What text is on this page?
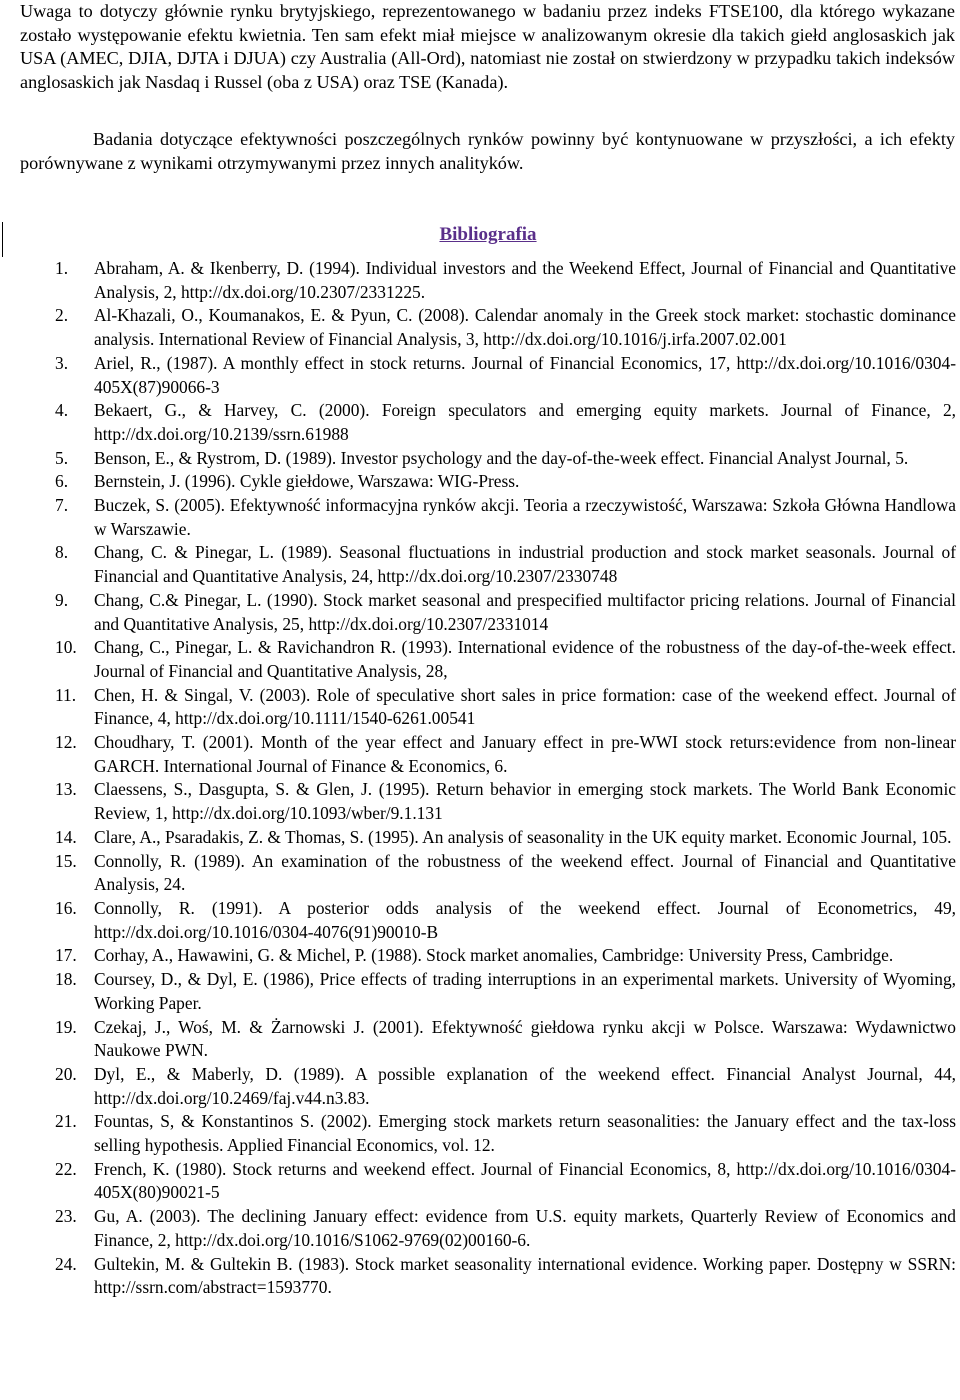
Uwaga to dotyczy głównie rynku brytyjskiego, reprezentowanego w badaniu przez indeks FTSE100, dla którego wykazane zostało występowanie efektu kwietnia. Ten sam efekt miał miejsce w analizowanym okresie dla takich giełd anglosaskich jak USA (AMEC, DJIA, DJTA i DJUA) czy Australia (All-Ord), natomiast nie został on stwierdzony w przypadku takich indeksów anglosaskich jak Nasdaq i Russel (oba z USA) oraz TSE (Kanada).

Badania dotyczące efektywności poszczególnych rynków powinny być kontynuowane w przyszłości, a ich efekty porównywane z wynikami otrzymywanymi przez innych analityków.

Bibliografia
1.	Abraham, A. & Ikenberry, D. (1994). Individual investors and the Weekend Effect, Journal of Financial and Quantitative Analysis, 2, http://dx.doi.org/10.2307/2331225.
2.	Al-Khazali, O., Koumanakos, E. & Pyun, C. (2008). Calendar anomaly in the Greek stock market: stochastic dominance analysis. International Review of Financial Analysis, 3, http://dx.doi.org/10.1016/j.irfa.2007.02.001
3.	Ariel, R., (1987). A monthly effect in stock returns. Journal of Financial Economics, 17, http://dx.doi.org/10.1016/0304-405X(87)90066-3
4.	Bekaert, G., & Harvey, C. (2000). Foreign speculators and emerging equity markets. Journal of Finance, 2, http://dx.doi.org/10.2139/ssrn.61988
5.	Benson, E., & Rystrom, D. (1989). Investor psychology and the day-of-the-week effect. Financial Analyst Journal, 5.
6.	Bernstein, J. (1996). Cykle giełdowe, Warszawa: WIG-Press.
7.	Buczek, S. (2005). Efektywność informacyjna rynków akcji. Teoria a rzeczywistość, Warszawa: Szkoła Główna Handlowa w Warszawie.
8.	Chang, C. & Pinegar, L. (1989). Seasonal fluctuations in industrial production and stock market seasonals. Journal of Financial and Quantitative Analysis, 24, http://dx.doi.org/10.2307/2330748
9.	Chang, C.& Pinegar, L. (1990). Stock market seasonal and prespecified multifactor pricing relations. Journal of Financial and Quantitative Analysis, 25, http://dx.doi.org/10.2307/2331014
10. Chang, C., Pinegar, L. & Ravichandron R. (1993). International evidence of the robustness of the day-of-the-week effect. Journal of Financial and Quantitative Analysis, 28,
11.	Chen, H. & Singal, V. (2003). Role of speculative short sales in price formation: case of the weekend effect. Journal of Finance, 4, http://dx.doi.org/10.1111/1540-6261.00541
12. Choudhary, T. (2001). Month of the year effect and January effect in pre-WWI stock returs:evidence from non-linear GARCH. International Journal of Finance & Economics, 6.
13. Claessens, S., Dasgupta, S. & Glen, J. (1995). Return behavior in emerging stock markets. The World Bank Economic Review, 1, http://dx.doi.org/10.1093/wber/9.1.131
14. Clare, A., Psaradakis, Z. & Thomas, S. (1995). An analysis of seasonality in the UK equity market. Economic Journal, 105.
15. Connolly, R. (1989). An examination of the robustness of the weekend effect. Journal of Financial and Quantitative Analysis, 24.
16. Connolly, R. (1991). A posterior odds analysis of the weekend effect. Journal of Econometrics, 49, http://dx.doi.org/10.1016/0304-4076(91)90010-B
17. Corhay, A., Hawawini, G. & Michel, P. (1988). Stock market anomalies, Cambridge: University Press, Cambridge.
18. Coursey, D., & Dyl, E. (1986), Price effects of trading interruptions in an experimental markets. University of Wyoming, Working Paper.
19. Czekaj, J., Woś, M. & Żarnowski J. (2001). Efektywność giełdowa rynku akcji w Polsce. Warszawa: Wydawnictwo Naukowe PWN.
20. Dyl, E., & Maberly, D. (1989). A possible explanation of the weekend effect. Financial Analyst Journal, 44, http://dx.doi.org/10.2469/faj.v44.n3.83.
21. Fountas, S, & Konstantinos S. (2002). Emerging stock markets return seasonalities: the January effect and the tax-loss selling hypothesis. Applied Financial Economics, vol. 12.
22. French, K. (1980). Stock returns and weekend effect. Journal of Financial Economics, 8, http://dx.doi.org/10.1016/0304-405X(80)90021-5
23. Gu, A. (2003). The declining January effect: evidence from U.S. equity markets, Quarterly Review of Economics and Finance, 2, http://dx.doi.org/10.1016/S1062-9769(02)00160-6.
24. Gultekin, M. & Gultekin B. (1983). Stock market seasonality international evidence. Working paper. Dostępny w SSRN: http://ssrn.com/abstract=1593770.
